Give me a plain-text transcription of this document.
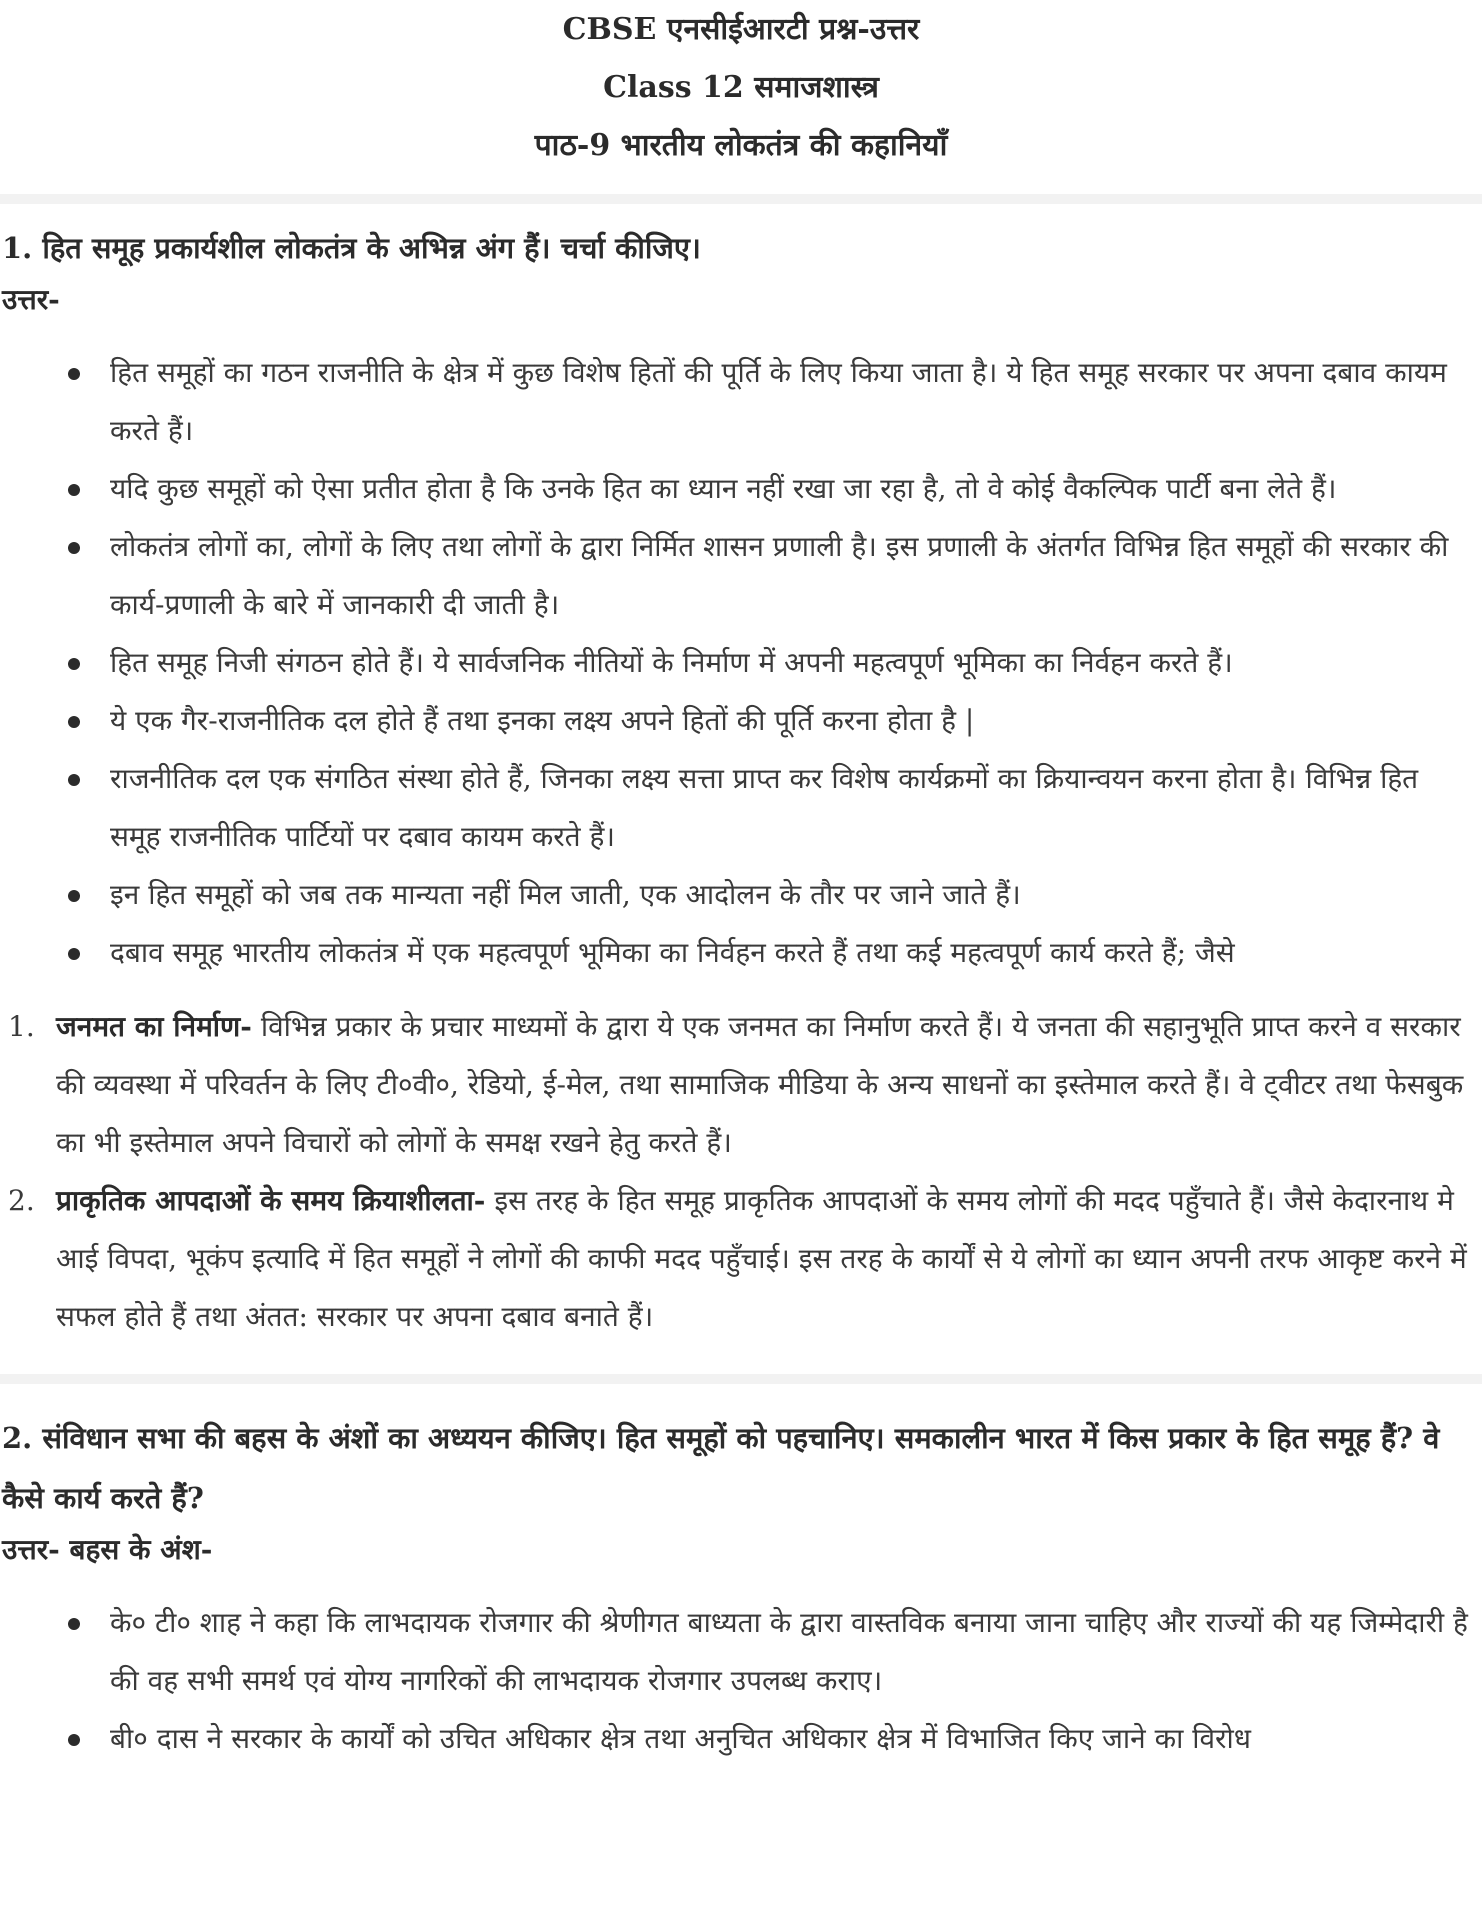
CBSE एनसीईआरटी प्रश्न-उत्तर
Class 12 समाजशास्त्र
पाठ-9 भारतीय लोकतंत्र की कहानियाँ

1. हित समूह प्रकार्यशील लोकतंत्र के अभिन्न अंग हैं। चर्चा कीजिए।

उत्तर-
हित समूहों का गठन राजनीति के क्षेत्र में कुछ विशेष हितों की पूर्ति के लिए किया जाता है। ये हित समूह सरकार पर अपना दबाव कायम करते हैं।
यदि कुछ समूहों को ऐसा प्रतीत होता है कि उनके हित का ध्यान नहीं रखा जा रहा है, तो वे कोई वैकल्पिक पार्टी बना लेते हैं।
लोकतंत्र लोगों का, लोगों के लिए तथा लोगों के द्वारा निर्मित शासन प्रणाली है। इस प्रणाली के अंतर्गत विभिन्न हित समूहों की सरकार की कार्य-प्रणाली के बारे में जानकारी दी जाती है।
हित समूह निजी संगठन होते हैं। ये सार्वजनिक नीतियों के निर्माण में अपनी महत्वपूर्ण भूमिका का निर्वहन करते हैं।
ये एक गैर-राजनीतिक दल होते हैं तथा इनका लक्ष्य अपने हितों की पूर्ति करना होता है |
राजनीतिक दल एक संगठित संस्था होते हैं, जिनका लक्ष्य सत्ता प्राप्त कर विशेष कार्यक्रमों का क्रियान्वयन करना होता है। विभिन्न हित समूह राजनीतिक पार्टियों पर दबाव कायम करते हैं।
इन हित समूहों को जब तक मान्यता नहीं मिल जाती, एक आदोलन के तौर पर जाने जाते हैं।
दबाव समूह भारतीय लोकतंत्र में एक महत्वपूर्ण भूमिका का निर्वहन करते हैं तथा कई महत्वपूर्ण कार्य करते हैं; जैसे
1. जनमत का निर्माण- विभिन्न प्रकार के प्रचार माध्यमों के द्वारा ये एक जनमत का निर्माण करते हैं। ये जनता की सहानुभूति प्राप्त करने व सरकार की व्यवस्था में परिवर्तन के लिए टी०वी०, रेडियो, ई-मेल, तथा सामाजिक मीडिया के अन्य साधनों का इस्तेमाल करते हैं। वे ट्वीटर तथा फेसबुक का भी इस्तेमाल अपने विचारों को लोगों के समक्ष रखने हेतु करते हैं।
2. प्राकृतिक आपदाओं के समय क्रियाशीलता- इस तरह के हित समूह प्राकृतिक आपदाओं के समय लोगों की मदद पहुँचाते हैं। जैसे केदारनाथ मे आई विपदा, भूकंप इत्यादि में हित समूहों ने लोगों की काफी मदद पहुँचाई। इस तरह के कार्यों से ये लोगों का ध्यान अपनी तरफ आकृष्ट करने में सफल होते हैं तथा अंतत: सरकार पर अपना दबाव बनाते हैं।

2. संविधान सभा की बहस के अंशों का अध्ययन कीजिए। हित समूहों को पहचानिए। समकालीन भारत में किस प्रकार के हित समूह हैं? वे कैसे कार्य करते हैं?

उत्तर- बहस के अंश-
के० टी० शाह ने कहा कि लाभदायक रोजगार की श्रेणीगत बाध्यता के द्वारा वास्तविक बनाया जाना चाहिए और राज्यों की यह जिम्मेदारी है की वह सभी समर्थ एवं योग्य नागरिकों की लाभदायक रोजगार उपलब्ध कराए।
बी० दास ने सरकार के कार्यों को उचित अधिकार क्षेत्र तथा अनुचित अधिकार क्षेत्र में विभाजित किए जाने का विरोध
